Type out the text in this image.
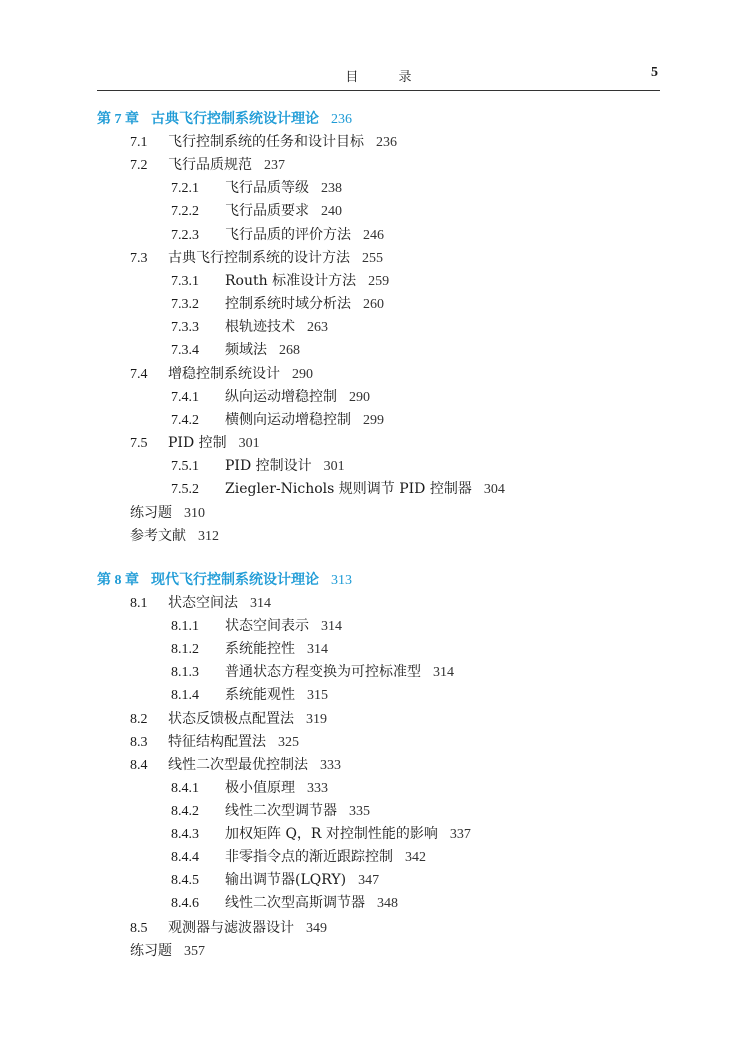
目 录	5
第 7 章 古典飞行控制系统设计理论 236
7.1 飞行控制系统的任务和设计目标 236
7.2 飞行品质规范 237
7.2.1 飞行品质等级 238
7.2.2 飞行品质要求 240
7.2.3 飞行品质的评价方法 246
7.3 古典飞行控制系统的设计方法 255
7.3.1 Routh 标准设计方法 259
7.3.2 控制系统时域分析法 260
7.3.3 根轨迹技术 263
7.3.4 频域法 268
7.4 增稳控制系统设计 290
7.4.1 纵向运动增稳控制 290
7.4.2 横侧向运动增稳控制 299
7.5 PID 控制 301
7.5.1 PID 控制设计 301
7.5.2 Ziegler-Nichols 规则调节 PID 控制器 304
练习题 310
参考文献 312
第 8 章 现代飞行控制系统设计理论 313
8.1 状态空间法 314
8.1.1 状态空间表示 314
8.1.2 系统能控性 314
8.1.3 普通状态方程变换为可控标准型 314
8.1.4 系统能观性 315
8.2 状态反馈极点配置法 319
8.3 特征结构配置法 325
8.4 线性二次型最优控制法 333
8.4.1 极小值原理 333
8.4.2 线性二次型调节器 335
8.4.3 加权矩阵 Q，R 对控制性能的影响 337
8.4.4 非零指令点的渐近跟踪控制 342
8.4.5 输出调节器(LQRY) 347
8.4.6 线性二次型高斯调节器 348
8.5 观测器与滤波器设计 349
练习题 357
